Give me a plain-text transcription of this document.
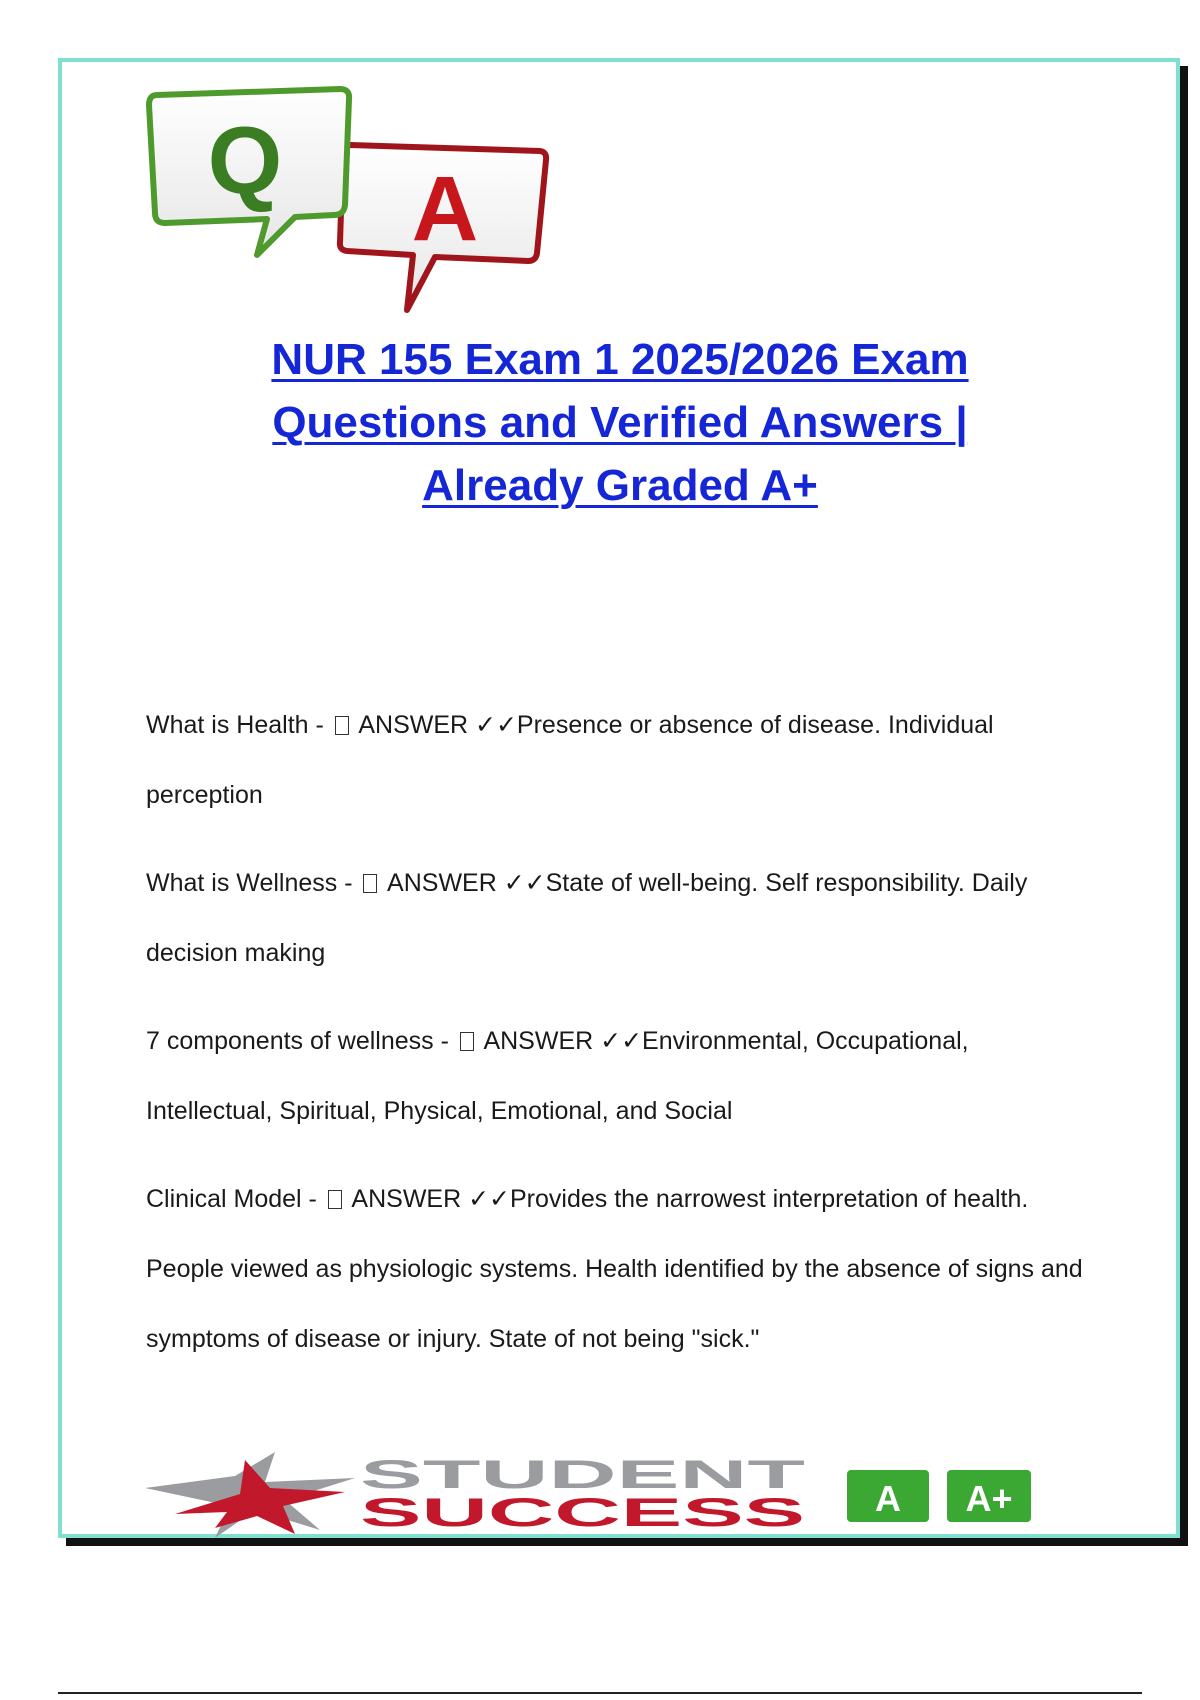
A
Q
NUR 155 Exam 1 2025/2026 Exam
Questions and Verified Answers |
Already Graded A+
What is Health -  ANSWER ✓✓Presence or absence of disease. Individual perception
What is Wellness -  ANSWER ✓✓State of well-being. Self responsibility. Daily decision making
7 components of wellness -  ANSWER ✓✓Environmental, Occupational, Intellectual, Spiritual, Physical, Emotional, and Social
Clinical Model -  ANSWER ✓✓Provides the narrowest interpretation of health. People viewed as physiologic systems. Health identified by the absence of signs and symptoms of disease or injury. State of not being "sick."
STUDENT
SUCCESS A A+
